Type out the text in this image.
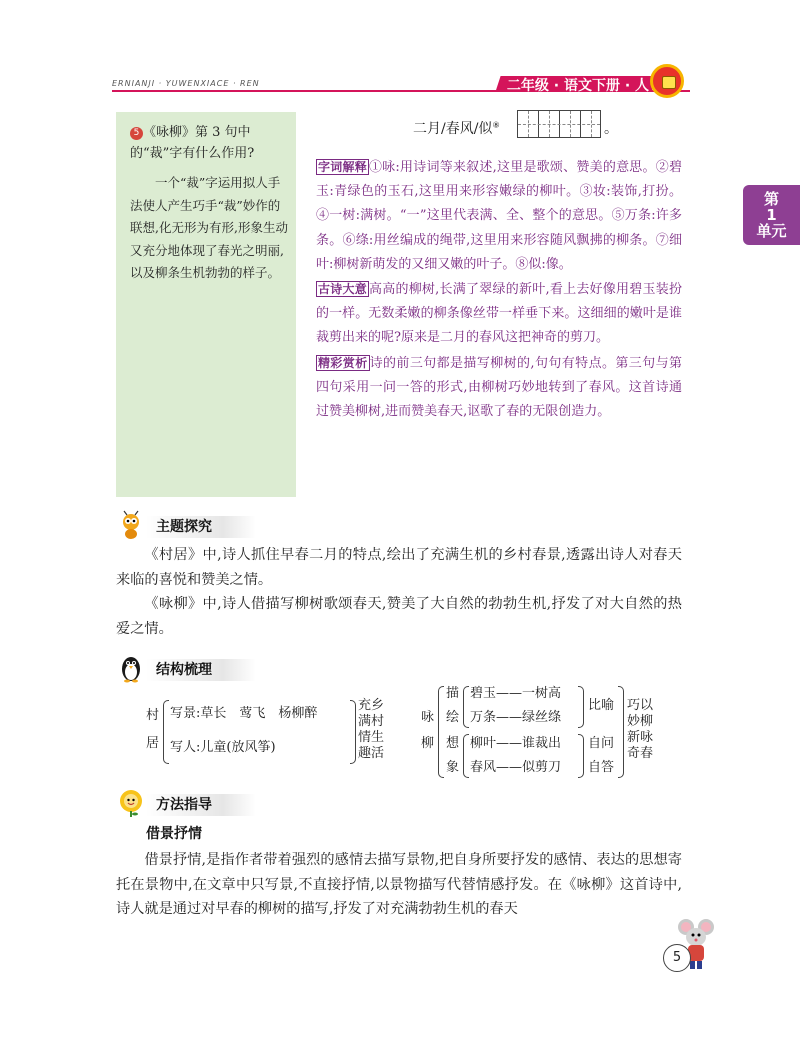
ERNIANJI · YUWENXIACE · REN	二年级 · 语文下册 · 人
第
1
单元
5 《咏柳》第 3 句中的“裁”字有什么作用?
一个“裁”字运用拟人手法使人产生巧手“裁”妙作的联想,化无形为有形,形象生动又充分地体现了春光之明丽,以及柳条生机勃勃的样子。
二月/春风/似⑧	。

字词解释 ①咏:用诗词等来叙述,这里是歌颂、赞美的意思。②碧玉:青绿色的玉石,这里用来形容嫩绿的柳叶。③妆:装饰,打扮。④一树:满树。“一”这里代表满、全、整个的意思。⑤万条:许多条。⑥绦:用丝编成的绳带,这里用来形容随风飘拂的柳条。⑦细叶:柳树新萌发的又细又嫩的叶子。⑧似:像。

古诗大意 高高的柳树,长满了翠绿的新叶,看上去好像用碧玉装扮的一样。无数柔嫩的柳条像丝带一样垂下来。这细细的嫩叶是谁裁剪出来的呢?原来是二月的春风这把神奇的剪刀。

精彩赏析 诗的前三句都是描写柳树的,句句有特点。第三句与第四句采用一问一答的形式,由柳树巧妙地转到了春风。这首诗通过赞美柳树,进而赞美春天,讴歌了春的无限创造力。

主题探究

《村居》中,诗人抓住早春二月的特点,绘出了充满生机的乡村春景,透露出诗人对春天来临的喜悦和赞美之情。

《咏柳》中,诗人借描写柳树歌颂春天,赞美了大自然的勃勃生机,抒发了对大自然的热爱之情。

结构梳理
村
居
写景:草长　莺飞　杨柳醉
写人:儿童(放风筝)
充乡
满村
情生
趣活
咏
柳
描
绘
想
象
碧玉——一树高
万条——绿丝绦
柳叶——谁裁出
春风——似剪刀
比喻
自问
自答
巧以
妙柳
新咏
奇春
方法指导
借景抒情

借景抒情,是指作者带着强烈的感情去描写景物,把自身所要抒发的感情、表达的思想寄托在景物中,在文章中只写景,不直接抒情,以景物描写代替情感抒发。在《咏柳》这首诗中,诗人就是通过对早春的柳树的描写,抒发了对充满勃勃生机的春天

5
